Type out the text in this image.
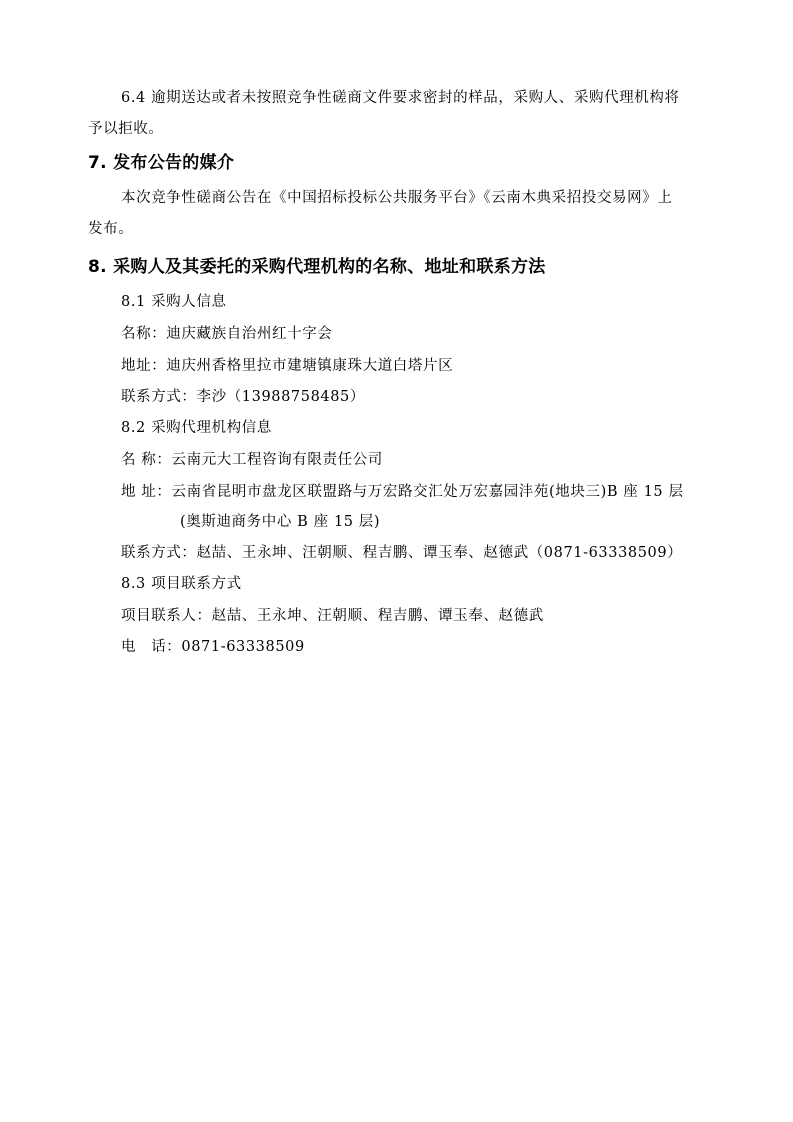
6.4 逾期送达或者未按照竞争性磋商文件要求密封的样品，采购人、采购代理机构将
予以拒收。
7. 发布公告的媒介
本次竞争性磋商公告在《中国招标投标公共服务平台》《云南木典采招投交易网》上
发布。
8. 采购人及其委托的采购代理机构的名称、地址和联系方法
8.1 采购人信息
名称：迪庆藏族自治州红十字会
地址：迪庆州香格里拉市建塘镇康珠大道白塔片区
联系方式：李沙（13988758485）
8.2 采购代理机构信息
名 称：云南元大工程咨询有限责任公司
地 址：云南省昆明市盘龙区联盟路与万宏路交汇处万宏嘉园沣苑(地块三)B 座 15 层
(奥斯迪商务中心 B 座 15 层)
联系方式：赵喆、王永坤、汪朝顺、程吉鹏、谭玉奉、赵德武（0871-63338509）
8.3 项目联系方式
项目联系人：赵喆、王永坤、汪朝顺、程吉鹏、谭玉奉、赵德武
电　话：0871-63338509
